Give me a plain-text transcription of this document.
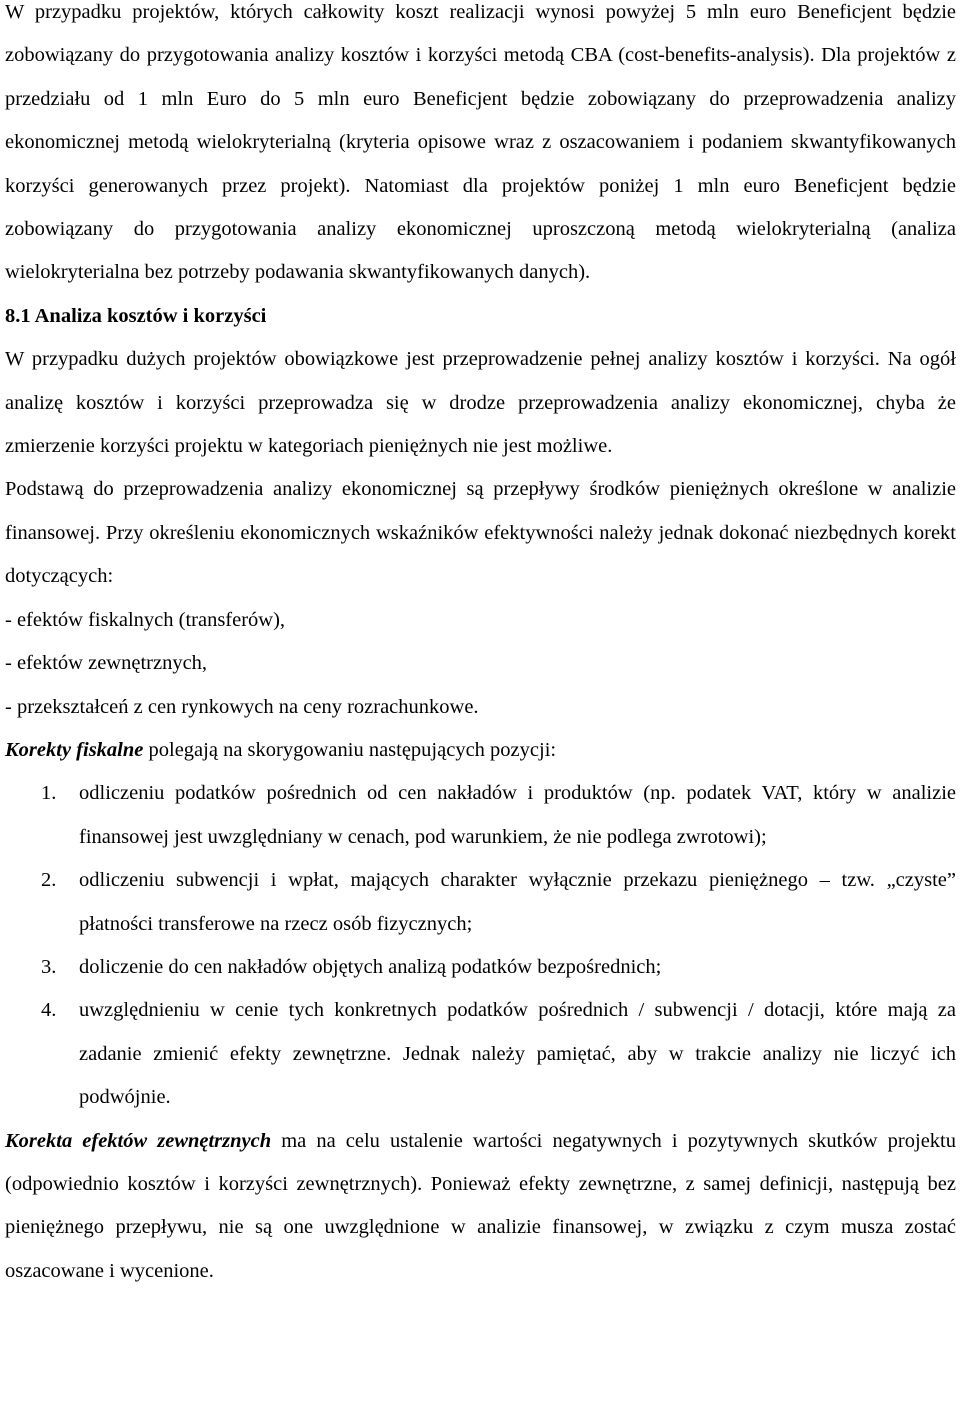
W przypadku projektów, których całkowity koszt realizacji wynosi powyżej 5 mln euro Beneficjent będzie zobowiązany do przygotowania analizy kosztów i korzyści metodą CBA (cost-benefits-analysis). Dla projektów z przedziału od 1 mln Euro do 5 mln euro Beneficjent będzie zobowiązany do przeprowadzenia analizy ekonomicznej metodą wielokryterialną (kryteria opisowe wraz z oszacowaniem i podaniem skwantyfikowanych korzyści generowanych przez projekt). Natomiast dla projektów poniżej 1 mln euro Beneficjent będzie zobowiązany do przygotowania analizy ekonomicznej uproszczoną metodą wielokryterialną (analiza wielokryterialna bez potrzeby podawania skwantyfikowanych danych).

8.1 Analiza kosztów i korzyści

W przypadku dużych projektów obowiązkowe jest przeprowadzenie pełnej analizy kosztów i korzyści. Na ogół analizę kosztów i korzyści przeprowadza się w drodze przeprowadzenia analizy ekonomicznej, chyba że zmierzenie korzyści projektu w kategoriach pieniężnych nie jest możliwe.

Podstawą do przeprowadzenia analizy ekonomicznej są przepływy środków pieniężnych określone w analizie finansowej. Przy określeniu ekonomicznych wskaźników efektywności należy jednak dokonać niezbędnych korekt dotyczących:

- efektów fiskalnych (transferów),
- efektów zewnętrznych,
- przekształceń z cen rynkowych na ceny rozrachunkowe.

Korekty fiskalne polegają na skorygowaniu następujących pozycji:

1.	odliczeniu podatków pośrednich od cen nakładów i produktów (np. podatek VAT, który w analizie finansowej jest uwzględniany w cenach, pod warunkiem, że nie podlega zwrotowi);
2.	odliczeniu subwencji i wpłat, mających charakter wyłącznie przekazu pieniężnego – tzw. „czyste” płatności transferowe na rzecz osób fizycznych;
3.	doliczenie do cen nakładów objętych analizą podatków bezpośrednich;
4.	uwzględnieniu w cenie tych konkretnych podatków pośrednich / subwencji / dotacji, które mają za zadanie zmienić efekty zewnętrzne. Jednak należy pamiętać, aby w trakcie analizy nie liczyć ich podwójnie.

Korekta efektów zewnętrznych ma na celu ustalenie wartości negatywnych i pozytywnych skutków projektu (odpowiednio kosztów i korzyści zewnętrznych). Ponieważ efekty zewnętrzne, z samej definicji, następują bez pieniężnego przepływu, nie są one uwzględnione w analizie finansowej, w związku z czym musza zostać oszacowane i wycenione.
